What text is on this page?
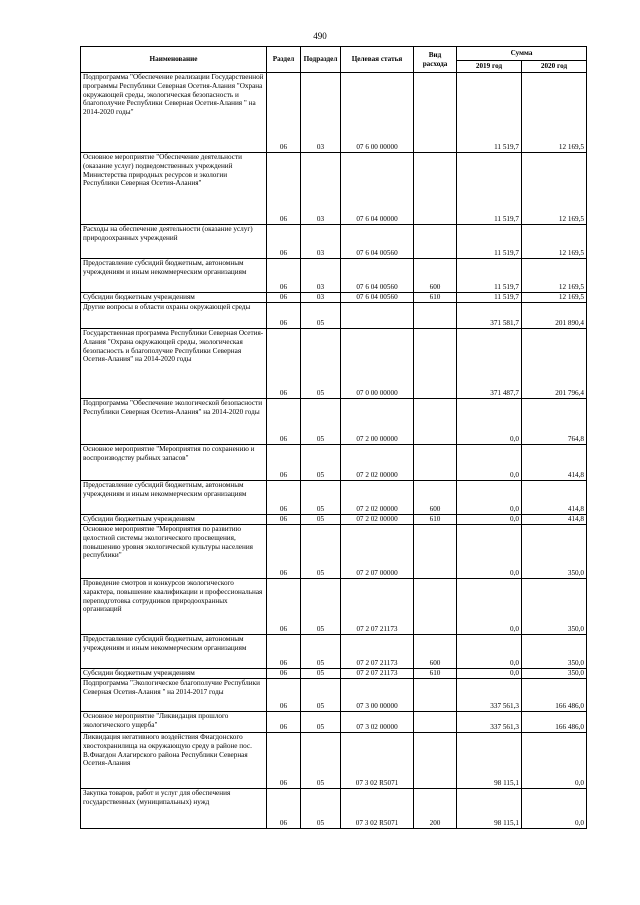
490
Наименование	Раздел	Подраздел	Целевая статья	Вид расхода	Сумма	
					2019 год	2020 год
Подпрограмма "Обеспечение реализации Государственной программы Республики Северная Осетия-Алания "Охрана окружающей среды, экологическая безопасность и благополучие Республики Северная Осетия-Алания " на 2014-2020 годы"	06	03	07 6 00 00000		11 519,7	12 169,5
Основное мероприятие "Обеспечение деятельности (оказание услуг) подведомственных учреждений Министерства природных ресурсов и экологии Республики Северная Осетия-Алания"	06	03	07 6 04 00000		11 519,7	12 169,5
Расходы на обеспечение деятельности (оказание услуг) природоохранных учреждений	06	03	07 6 04 00560		11 519,7	12 169,5
Предоставление субсидий бюджетным, автономным учреждениям и иным некоммерческим организациям	06	03	07 6 04 00560	600	11 519,7	12 169,5
Субсидии бюджетным учреждениям	06	03	07 6 04 00560	610	11 519,7	12 169,5
Другие вопросы в области охраны окружающей среды	06	05			371 581,7	201 890,4
Государственная программа Республики Северная Осетия-Алания "Охрана окружающей среды, экологическая безопасность и благополучие Республики Северная Осетия-Алания" на 2014-2020 годы	06	05	07 0 00 00000		371 487,7	201 796,4
Подпрограмма "Обеспечение экологической безопасности Республики Северная Осетия-Алания" на 2014-2020 годы	06	05	07 2 00 00000		0,0	764,8
Основное мероприятие "Мероприятия по сохранению и воспроизводству рыбных запасов"	06	05	07 2 02 00000		0,0	414,8
Предоставление субсидий бюджетным, автономным учреждениям и иным некоммерческим организациям	06	05	07 2 02 00000	600	0,0	414,8
Субсидии бюджетным учреждениям	06	05	07 2 02 00000	610	0,0	414,8
Основное мероприятие "Мероприятия по развитию целостной системы экологического просвещения, повышению уровня экологической культуры населения республики"	06	05	07 2 07 00000		0,0	350,0
Проведение смотров и конкурсов экологического характера, повышение квалификации и профессиональная переподготовка сотрудников природоохранных организаций	06	05	07 2 07 21173		0,0	350,0
Предоставление субсидий бюджетным, автономным учреждениям и иным некоммерческим организациям	06	05	07 2 07 21173	600	0,0	350,0
Субсидии бюджетным учреждениям	06	05	07 2 07 21173	610	0,0	350,0
Подпрограмма "Экологическое благополучие Республики Северная Осетия-Алания " на 2014-2017 годы	06	05	07 3 00 00000		337 561,3	166 486,0
Основное мероприятие "Ликвидация прошлого экологического ущерба"	06	05	07 3 02 00000		337 561,3	166 486,0
Ликвидация негативного воздействия Фиагдонского хвостохранилища на окружающую среду в районе пос. В.Фиагдон Алагирского района Республики Северная Осетия-Алания	06	05	07 3 02 R5071		98 115,1	0,0
Закупка товаров, работ и услуг для обеспечения государственных (муниципальных) нужд	06	05	07 3 02 R5071	200	98 115,1	0,0
